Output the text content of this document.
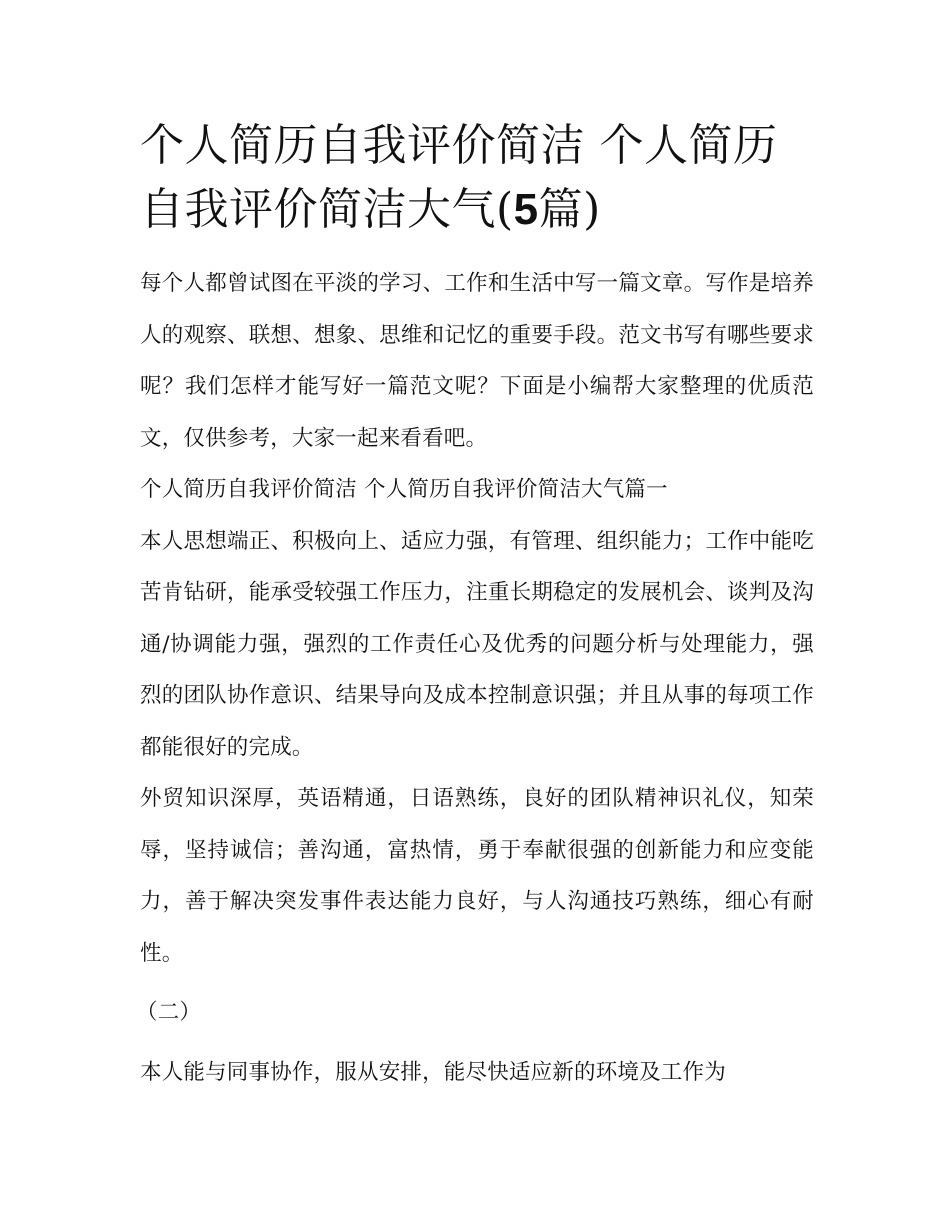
个人简历自我评价简洁 个人简历自我评价简洁大气(5篇)

每个人都曾试图在平淡的学习、工作和生活中写一篇文章。写作是培养人的观察、联想、想象、思维和记忆的重要手段。范文书写有哪些要求呢？我们怎样才能写好一篇范文呢？下面是小编帮大家整理的优质范文，仅供参考，大家一起来看看吧。

个人简历自我评价简洁 个人简历自我评价简洁大气篇一

本人思想端正、积极向上、适应力强，有管理、组织能力；工作中能吃苦肯钻研，能承受较强工作压力，注重长期稳定的发展机会、谈判及沟通/协调能力强，强烈的工作责任心及优秀的问题分析与处理能力，强烈的团队协作意识、结果导向及成本控制意识强；并且从事的每项工作都能很好的完成。

外贸知识深厚，英语精通，日语熟练，良好的团队精神识礼仪，知荣辱，坚持诚信；善沟通，富热情，勇于奉献很强的创新能力和应变能力，善于解决突发事件表达能力良好，与人沟通技巧熟练，细心有耐性。

（二）

本人能与同事协作，服从安排，能尽快适应新的环境及工作为
